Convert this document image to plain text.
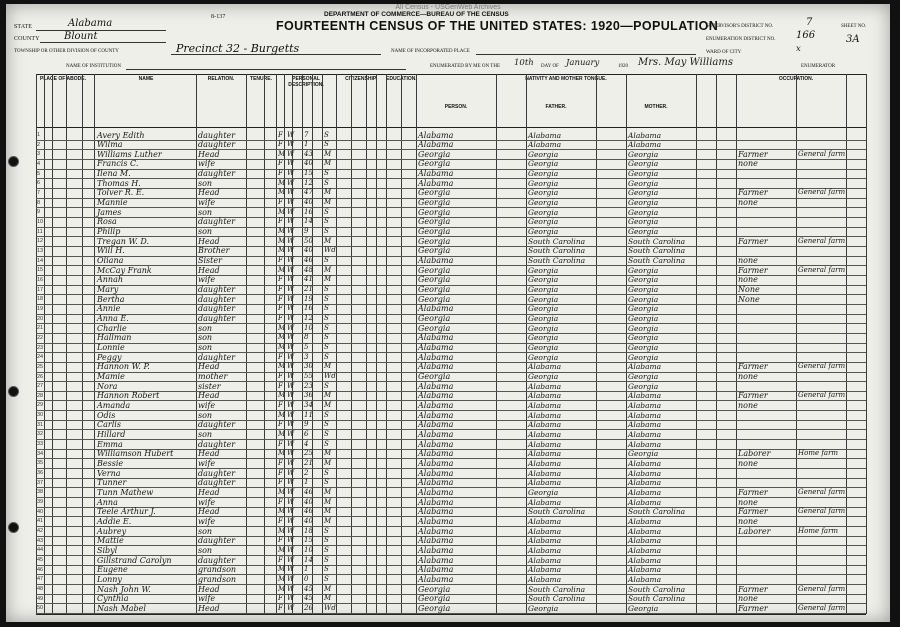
All Census - USGenWeb Archives
8-137	DEPARTMENT OF COMMERCE—BUREAU OF THE CENSUS
FOURTEENTH CENSUS OF THE UNITED STATES: 1920—POPULATION
STATE	Alabama
COUNTY Blount
TOWNSHIP OR OTHER DIVISION OF COUNTY	Precinct 32 - Burgetts	NAME OF INCORPORATED PLACE
NAME OF INSTITUTION	ENUMERATED BY ME ON THE 10th DAY OF January	1920 Mrs. May Williams	ENUMERATOR
SUPERVISOR'S DISTRICT NO.	7
ENUMERATION DISTRICT NO. 166
WARD OF CITY	x
SHEET NO.
3A
PLACE OF ABODE.	NAME	RELATION.	TENURE.	PERSONAL DESCRIPTION.
CITIZENSHIP.	EDUCATION.	NATIVITY AND MOTHER TONGUE.
PERSON.	FATHER.	MOTHER.
OCCUPATION.
1	Avery Edith	daughter	F W 7 S	Alabama	Alabama	Alabama
2	Wilma	daughter	F W 1 S	Alabama	Alabama	Alabama
3	Williams Luther	Head	M W 43 M	Georgia	Georgia	Georgia	Farmer	General farm
4	Francis C.	wife	F W 40 M	Georgia	Georgia	Georgia	none
5	Ilena M.	daughter	F W 15 S	Alabama	Georgia	Georgia
6	Thomas H.	son	M W 12 S	Alabama	Georgia	Georgia
7	Tolver R. E.	Head	M W 47 M	Georgia	Georgia	Georgia	Farmer	General farm
8	Mannie	wife	F W 40 M	Georgia	Georgia	Georgia	none
9	James	son	M W 16 S	Georgia	Georgia	Georgia
10	Rosa	daughter	F W 14 S	Georgia	Georgia	Georgia
11	Philip	son	M W 9 S	Georgia	Georgia	Georgia
12	Tregan W. D.	Head	M W 50 M	Georgia	South Carolina	South Carolina	Farmer	General farm
13	Will H.	Brother	M W 40 Wd	Georgia	South Carolina	South Carolina
14	Oliana	Sister	F W 46 S	Alabama	South Carolina	South Carolina	none
15	McCay Frank	Head	M W 48 M	Georgia	Georgia	Georgia	Farmer	General farm
16	Annah	wife	F W 41 M	Georgia	Georgia	Georgia	none
17	Mary	daughter	F W 21 S	Georgia	Georgia	Georgia	None
18	Bertha	daughter	F W 19 S	Georgia	Georgia	Georgia	None
19	Annie	daughter	F W 16 S	Alabama	Georgia	Georgia
20	Anna E.	daughter	F W 12 S	Georgia	Georgia	Georgia
21	Charlie	son	M W 10 S	Georgia	Georgia	Georgia
22	Hallman	son	M W 8 S	Alabama	Georgia	Georgia
23	Lonnie	son	M W 5 S	Alabama	Georgia	Georgia
24	Peggy	daughter	F W 3 S	Alabama	Georgia	Georgia
25	Hannon W. P.	Head	M W 30 M	Alabama	Alabama	Alabama	Farmer	General farm
26	Mamie	mother	F W 55 Wd	Georgia	Georgia	Georgia	none
27	Nora	sister	F W 23 S	Alabama	Alabama	Georgia
28	Hannon Robert	Head	M W 36 M	Alabama	Alabama	Alabama	Farmer	General farm
29	Amanda	wife	F W 34 M	Alabama	Alabama	Alabama	none
30	Odis	son	M W 11 S	Alabama	Alabama	Alabama
31	Carlis	daughter	F W 9 S	Alabama	Alabama	Alabama
32	Hillard	son	M W 6 S	Alabama	Alabama	Alabama
33	Emma	daughter	F W 4 S	Alabama	Alabama	Alabama
34	Williamson Hubert	Head	M W 25 M	Alabama	Alabama	Georgia	Laborer	Home farm
35	Bessie	wife	F W 21 M	Alabama	Alabama	Alabama	none
36	Verna	daughter	F W 2 S	Alabama	Alabama	Alabama
37	Tunner	daughter	F W 1 S	Alabama	Alabama	Alabama
38	Tunn Mathew	Head	M W 46 M	Alabama	Georgia	Alabama	Farmer	General farm
39	Anna	wife	F W 40 M	Alabama	Alabama	Alabama	none
40	Teele Arthur J.	Head	M W 46 M	Alabama	South Carolina	South Carolina	Farmer	General farm
41	Addie E.	wife	F W 40 M	Alabama	Alabama	Alabama	none
42	Aubrey	son	M W 18 S	Alabama	Alabama	Alabama	Laborer	Home farm
43	Mattie	daughter	F W 15 S	Alabama	Alabama	Alabama
44	Sibyl	son	M W 10 S	Alabama	Alabama	Alabama
45	Gillstrand Carolyn	daughter	F W 14 S	Alabama	Alabama	Alabama
46	Eugene	grandson	M W 1 S	Alabama	Alabama	Alabama
47	Lonny	grandson	M W 0 S	Alabama	Alabama	Alabama
48	Nash John W.	Head	M W 45 M	Georgia	South Carolina	South Carolina	Farmer	General farm
49	Cynthia	wife	F W 45 M	Georgia	South Carolina	South Carolina	none
50	Nash Mabel	Head	F W 26 Wd	Georgia	Georgia	Georgia	Farmer	General farm
